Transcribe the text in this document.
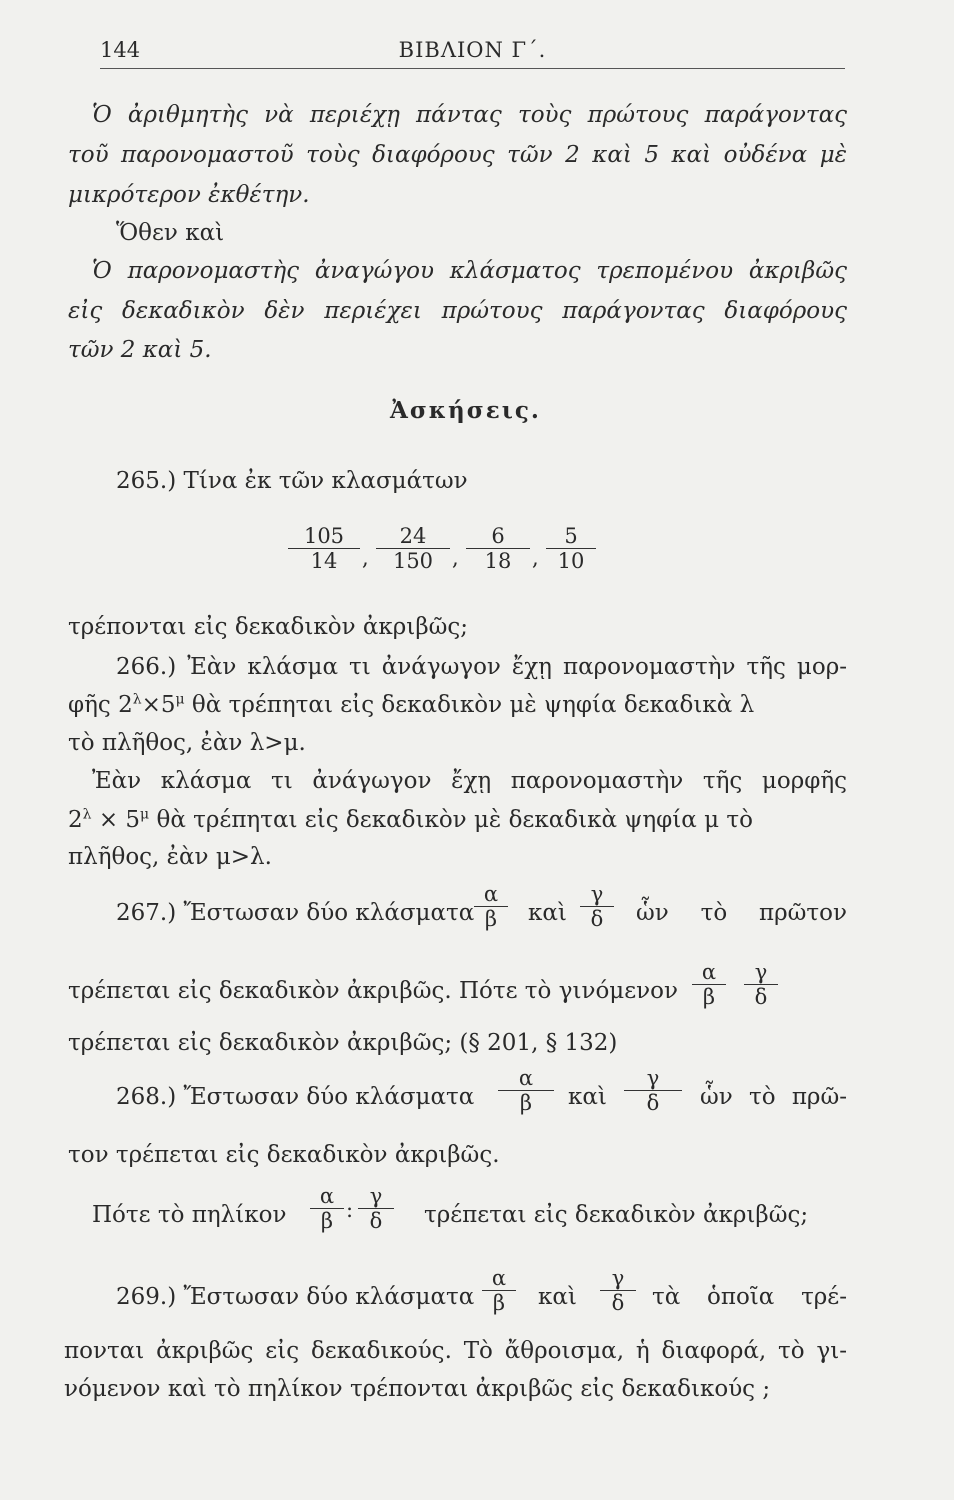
144	ΒΙΒΛΙΟΝ Γ΄.
Ὁ ἀριθμητὴς νὰ περιέχῃ πάντας τοὺς πρώτους παράγοντας
τοῦ παρονομαστοῦ τοὺς διαφόρους τῶν 2 καὶ 5 καὶ οὐδένα μὲ
μικρότερον ἐκθέτην.
Ὅθεν καὶ
Ὁ παρονομαστὴς ἀναγώγου κλάσματος τρεπομένου ἀκριβῶς
εἰς δεκαδικὸν δὲν περιέχει πρώτους παράγοντας διαφόρους
τῶν 2 καὶ 5.
Ἀσκήσεις.
265.) Τίνα ἐκ τῶν κλασμάτων
$\frac{105}{14}$ , $\frac{24}{150}$ , $\frac{6}{18}$ , $\frac{5}{10}$
τρέπονται εἰς δεκαδικὸν ἀκριβῶς;
266.) Ἐὰν κλάσμα τι ἀνάγωγον ἔχῃ παρονομαστὴν τῆς μορ-
φῆς $2^\lambda\times 5^\mu$ θὰ τρέπηται εἰς δεκαδικὸν μὲ ψηφία δεκαδικὰ λ
τὸ πλῆθος, ἐὰν λ>μ.
Ἐὰν κλάσμα τι ἀνάγωγον ἔχῃ παρονομαστὴν τῆς μορφῆς
$2^\lambda \times 5^\mu$ θὰ τρέπηται εἰς δεκαδικὸν μὲ δεκαδικὰ ψηφία μ τὸ
πλῆθος, ἐὰν μ>λ.
267.) Ἔστωσαν δύο κλάσματα $\frac{\alpha}{\beta}$ καὶ $\frac{\gamma}{\delta}$ ὧν τὸ πρῶτον
τρέπεται εἰς δεκαδικὸν ἀκριβῶς. Πότε τὸ γινόμενον $\frac{\alpha}{\beta} \frac{\gamma}{\delta}$
τρέπεται εἰς δεκαδικὸν ἀκριβῶς; (§ 201, § 132)
268.) Ἔστωσαν δύο κλάσματα $\frac{\alpha}{\beta}$ καὶ $\frac{\gamma}{\delta}$ ὧν τὸ πρῶ-
τον τρέπεται εἰς δεκαδικὸν ἀκριβῶς.
Πότε τὸ πηλίκον $\frac{\alpha}{\beta}$ : $\frac{\gamma}{\delta}$ τρέπεται εἰς δεκαδικὸν ἀκριβῶς;
269.) Ἔστωσαν δύο κλάσματα $\frac{\alpha}{\beta}$ καὶ $\frac{\gamma}{\delta}$ τὰ ὁποῖα τρέ-
πονται ἀκριβῶς εἰς δεκαδικούς. Τὸ ἄθροισμα, ἡ διαφορά, τὸ γι-
νόμενον καὶ τὸ πηλίκον τρέπονται ἀκριβῶς εἰς δεκαδικούς ;
